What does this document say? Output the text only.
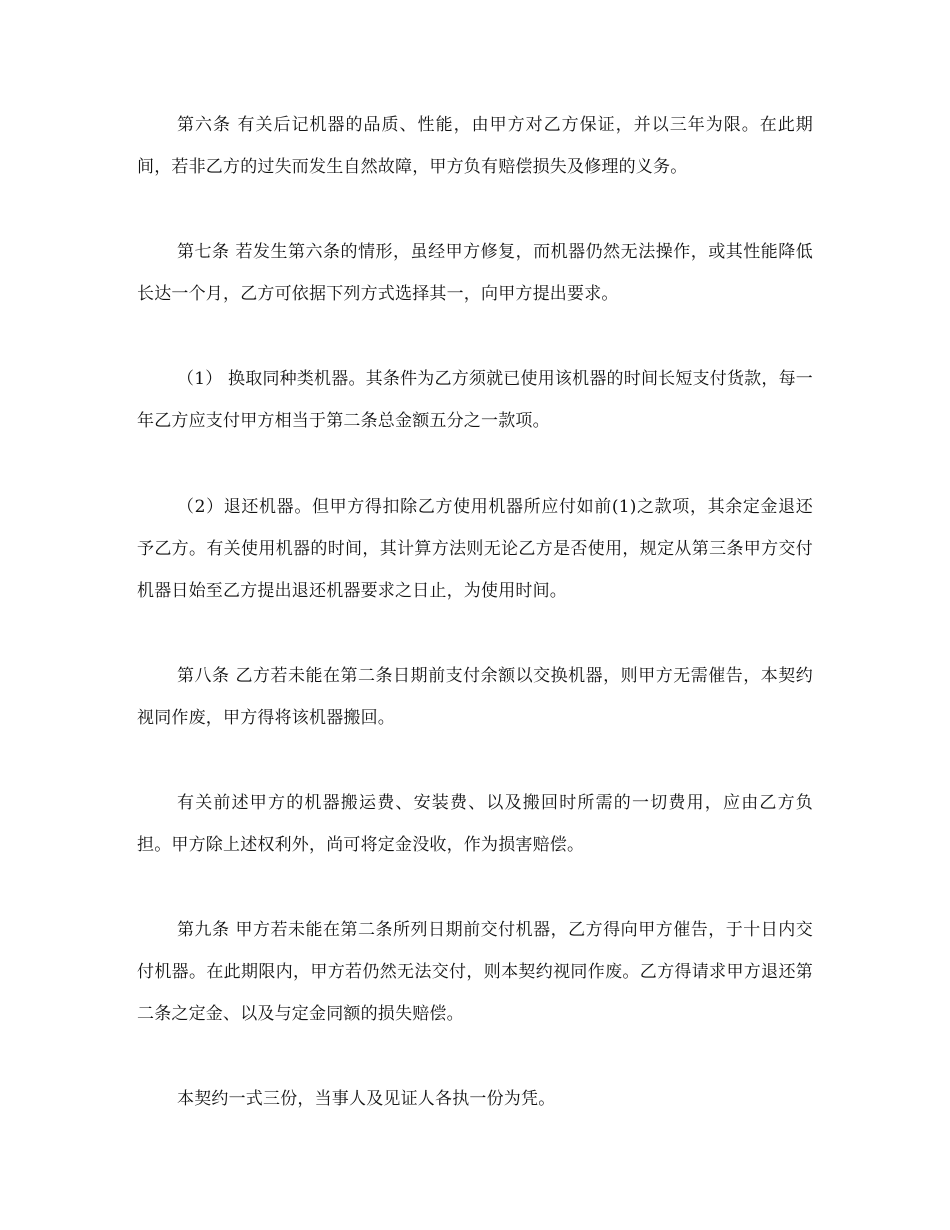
第六条 有关后记机器的品质、性能，由甲方对乙方保证，并以三年为限。在此期间，若非乙方的过失而发生自然故障，甲方负有赔偿损失及修理的义务。

第七条 若发生第六条的情形，虽经甲方修复，而机器仍然无法操作，或其性能降低长达一个月，乙方可依据下列方式选择其一，向甲方提出要求。

（1） 换取同种类机器。其条件为乙方须就已使用该机器的时间长短支付货款，每一年乙方应支付甲方相当于第二条总金额五分之一款项。

（2）退还机器。但甲方得扣除乙方使用机器所应付如前(1)之款项，其余定金退还予乙方。有关使用机器的时间，其计算方法则无论乙方是否使用，规定从第三条甲方交付机器日始至乙方提出退还机器要求之日止，为使用时间。

第八条 乙方若未能在第二条日期前支付余额以交换机器，则甲方无需催告，本契约视同作废，甲方得将该机器搬回。

有关前述甲方的机器搬运费、安装费、以及搬回时所需的一切费用，应由乙方负担。甲方除上述权利外，尚可将定金没收，作为损害赔偿。

第九条 甲方若未能在第二条所列日期前交付机器，乙方得向甲方催告，于十日内交付机器。在此期限内，甲方若仍然无法交付，则本契约视同作废。乙方得请求甲方退还第二条之定金、以及与定金同额的损失赔偿。

本契约一式三份，当事人及见证人各执一份为凭。
